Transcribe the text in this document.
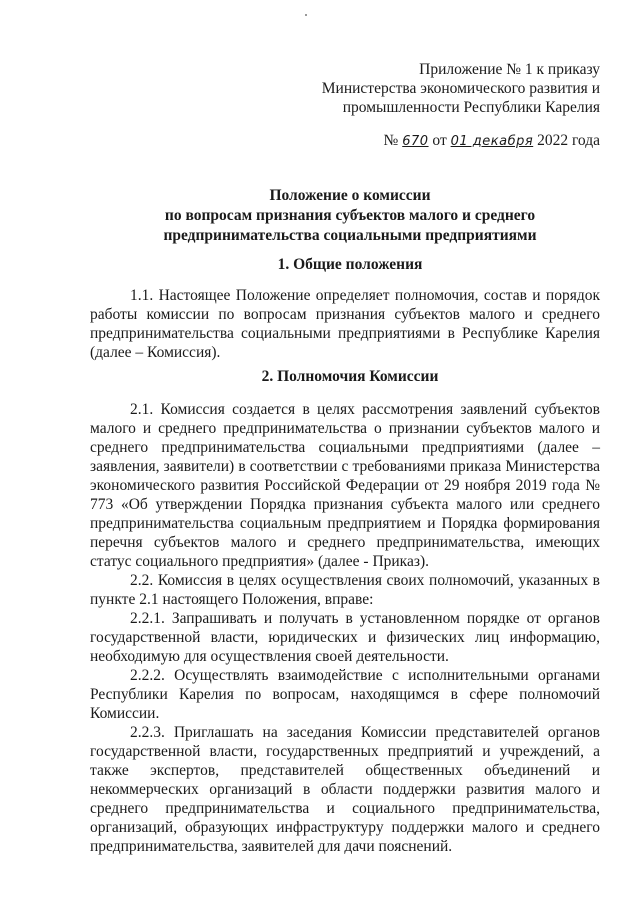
Приложение № 1 к приказу
Министерства экономического развития и
промышленности Республики Карелия
№ 670 от 01 декабря 2022 года
Положение о комиссии
по вопросам признания субъектов малого и среднего
предпринимательства социальными предприятиями
1. Общие положения

1.1. Настоящее Положение определяет полномочия, состав и порядок работы комиссии по вопросам признания субъектов малого и среднего предпринимательства социальными предприятиями в Республике Карелия (далее – Комиссия).

2. Полномочия Комиссии

2.1. Комиссия создается в целях рассмотрения заявлений субъектов малого и среднего предпринимательства о признании субъектов малого и среднего предпринимательства социальными предприятиями (далее – заявления, заявители) в соответствии с требованиями приказа Министерства экономического развития Российской Федерации от 29 ноября 2019 года № 773 «Об утверждении Порядка признания субъекта малого или среднего предпринимательства социальным предприятием и Порядка формирования перечня субъектов малого и среднего предпринимательства, имеющих статус социального предприятия» (далее - Приказ).

2.2. Комиссия в целях осуществления своих полномочий, указанных в пункте 2.1 настоящего Положения, вправе:

2.2.1. Запрашивать и получать в установленном порядке от органов государственной власти, юридических и физических лиц информацию, необходимую для осуществления своей деятельности.

2.2.2. Осуществлять взаимодействие с исполнительными органами Республики Карелия по вопросам, находящимся в сфере полномочий Комиссии.

2.2.3. Приглашать на заседания Комиссии представителей органов государственной власти, государственных предприятий и учреждений, а также экспертов, представителей общественных объединений и некоммерческих организаций в области поддержки развития малого и среднего предпринимательства и социального предпринимательства, организаций, образующих инфраструктуру поддержки малого и среднего предпринимательства, заявителей для дачи пояснений.
